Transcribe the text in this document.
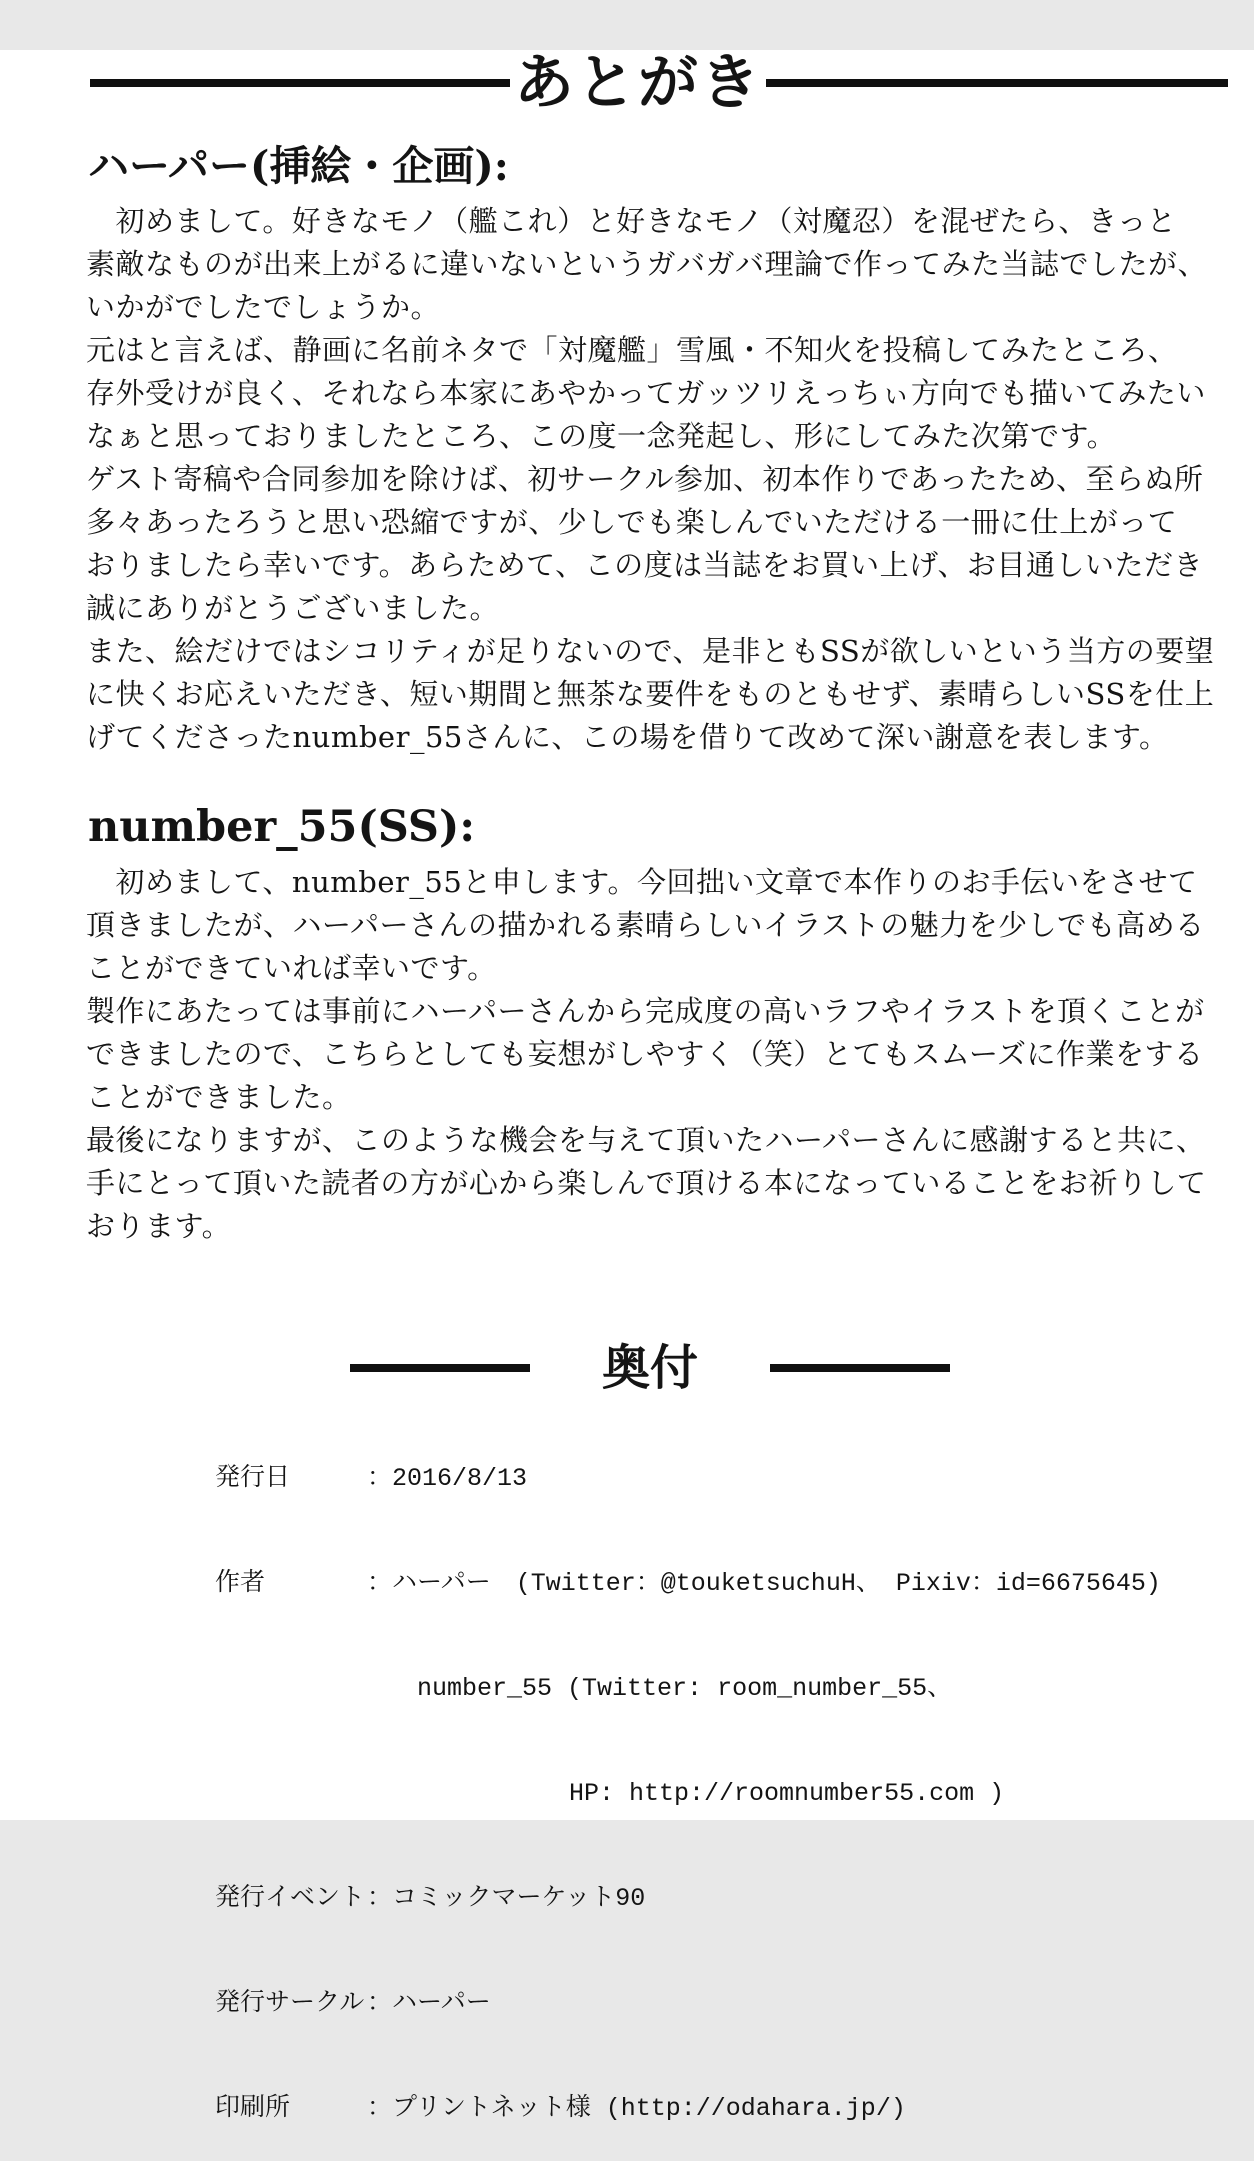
あとがき
ハーパー(挿絵・企画):
　初めまして。好きなモノ（艦これ）と好きなモノ（対魔忍）を混ぜたら、きっと
素敵なものが出来上がるに違いないというガバガバ理論で作ってみた当誌でしたが、
いかがでしたでしょうか。
元はと言えば、静画に名前ネタで「対魔艦」雪風・不知火を投稿してみたところ、
存外受けが良く、それなら本家にあやかってガッツリえっちぃ方向でも描いてみたい
なぁと思っておりましたところ、この度一念発起し、形にしてみた次第です。
ゲスト寄稿や合同参加を除けば、初サークル参加、初本作りであったため、至らぬ所
多々あったろうと思い恐縮ですが、少しでも楽しんでいただける一冊に仕上がって
おりましたら幸いです。あらためて、この度は当誌をお買い上げ、お目通しいただき
誠にありがとうございました。
また、絵だけではシコリティが足りないので、是非ともSSが欲しいという当方の要望
に快くお応えいただき、短い期間と無茶な要件をものともせず、素晴らしいSSを仕上
げてくださったnumber_55さんに、この場を借りて改めて深い謝意を表します。
number_55(SS):
　初めまして、number_55と申します。今回拙い文章で本作りのお手伝いをさせて
頂きましたが、ハーパーさんの描かれる素晴らしいイラストの魅力を少しでも高める
ことができていれば幸いです。
製作にあたっては事前にハーパーさんから完成度の高いラフやイラストを頂くことが
できましたので、こちらとしても妄想がしやすく（笑）とてもスムーズに作業をする
ことができました。
最後になりますが、このような機会を与えて頂いたハーパーさんに感謝すると共に、
手にとって頂いた読者の方が心から楽しんで頂ける本になっていることをお祈りして
おります。
奥付

発行日	：2016/8/13

作者	：ハーパー　(Twitter：@touketsuchuH、 Pixiv：id=6675645)

number_55 (Twitter: room_number_55、

HP: http://roomnumber55.com )

発行イベント：コミックマーケット90

発行サークル ：ハーパー

印刷所	：プリントネット様 (http://odahara.jp/)
